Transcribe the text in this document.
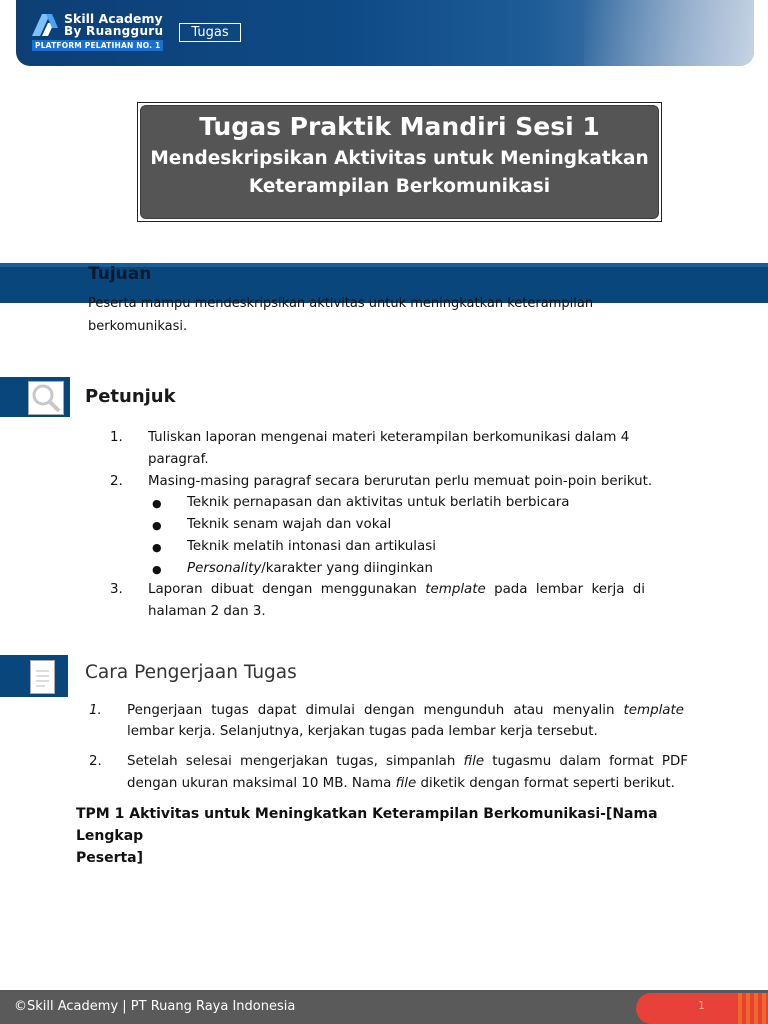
Skill Academy
By Ruangguru
PLATFORM PELATIHAN NO. 1
Tugas
Tugas Praktik Mandiri Sesi 1
Mendeskripsikan Aktivitas untuk Meningkatkan
Keterampilan Berkomunikasi
Tujuan
Peserta mampu mendeskripsikan aktivitas untuk meningkatkan keterampilan berkomunikasi.
Petunjuk
1. Tuliskan laporan mengenai materi keterampilan berkomunikasi dalam 4
paragraf.
2. Masing-masing paragraf secara berurutan perlu memuat poin-poin berikut.
● Teknik pernapasan dan aktivitas untuk berlatih berbicara
● Teknik senam wajah dan vokal
● Teknik melatih intonasi dan artikulasi
● Personality/karakter yang diinginkan
3. Laporan dibuat dengan menggunakan template pada lembar kerja di
halaman 2 dan 3.
Cara Pengerjaan Tugas
1. Pengerjaan tugas dapat dimulai dengan mengunduh atau menyalin template
lembar kerja. Selanjutnya, kerjakan tugas pada lembar kerja tersebut.
2. Setelah selesai mengerjakan tugas, simpanlah file tugasmu dalam format PDF
dengan ukuran maksimal 10 MB. Nama file diketik dengan format seperti berikut.
TPM 1 Aktivitas untuk Meningkatkan Keterampilan Berkomunikasi-[Nama Lengkap
Peserta]
©Skill Academy | PT Ruang Raya Indonesia	1
